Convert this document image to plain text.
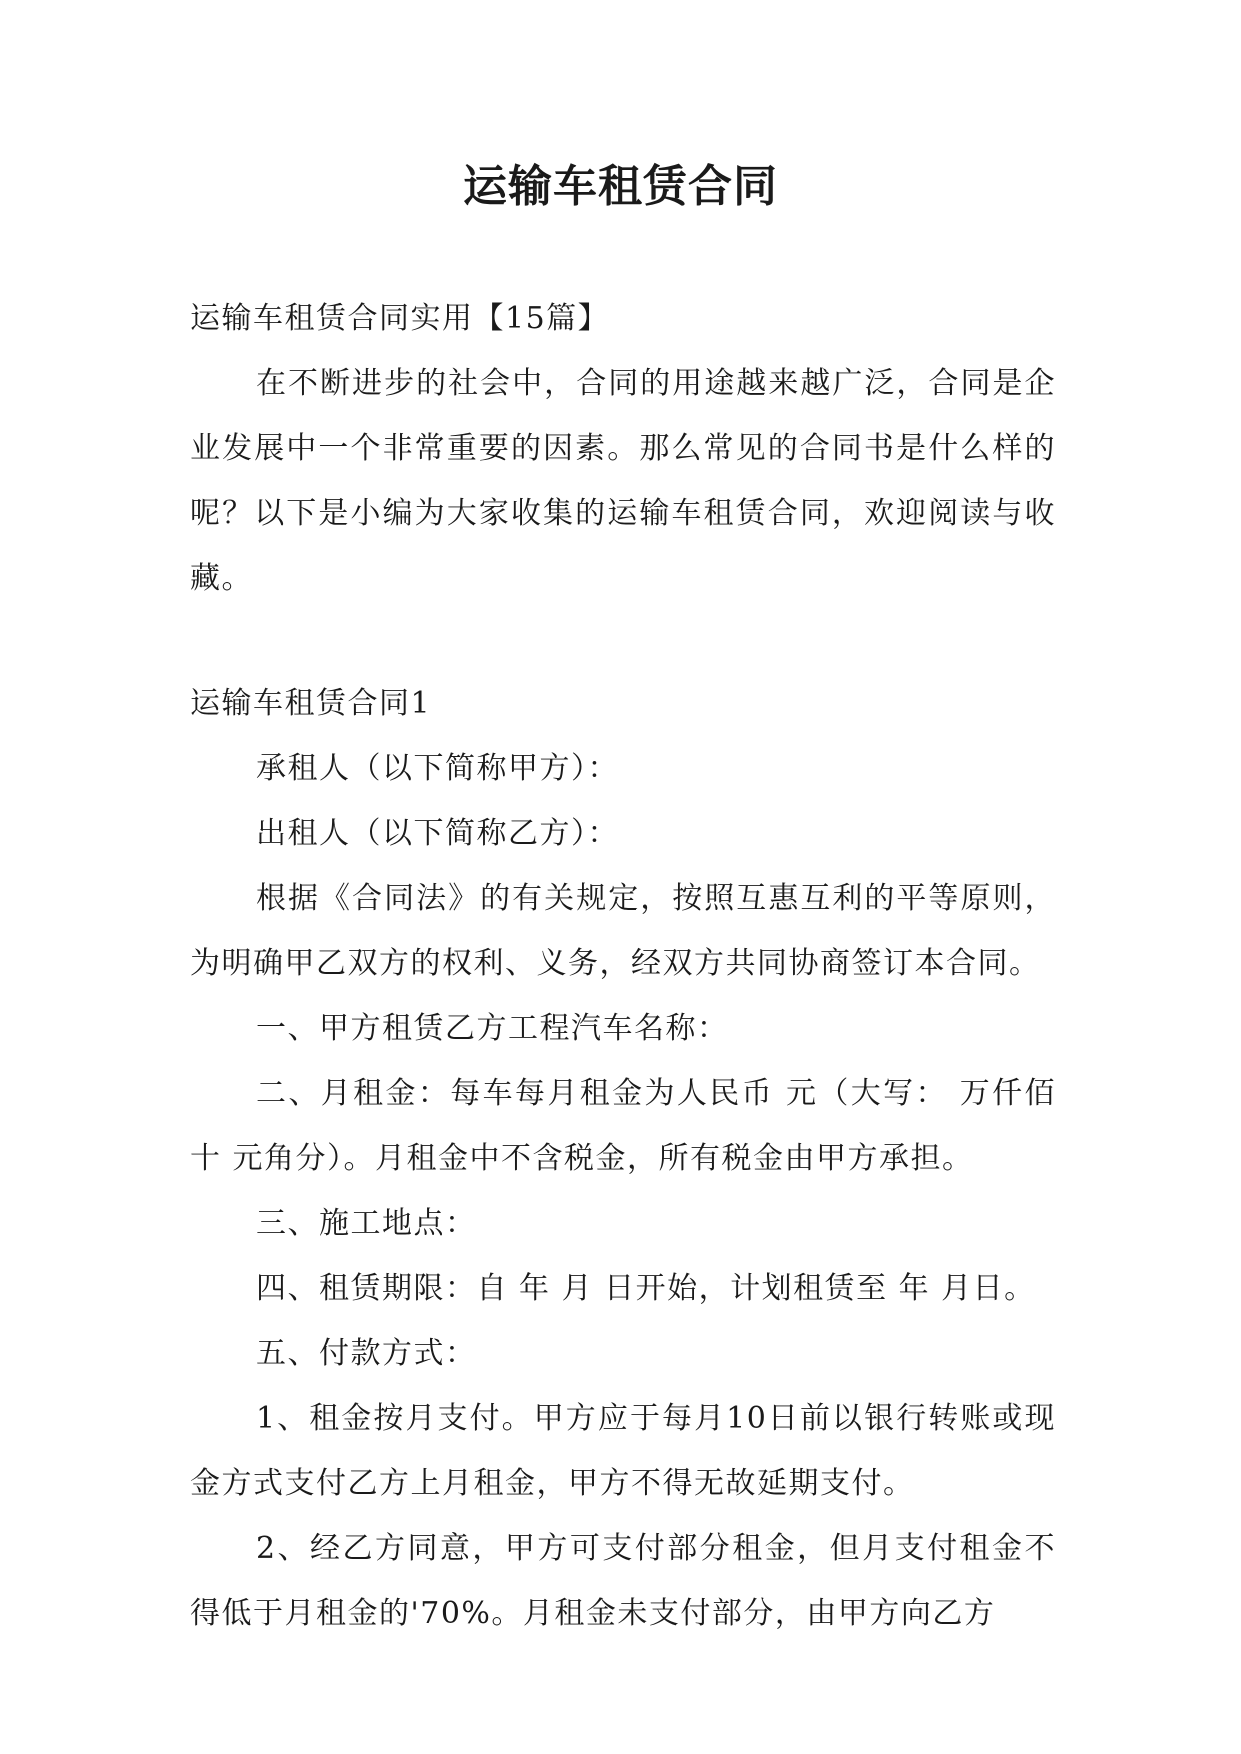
运输车租赁合同

运输车租赁合同实用【15篇】

在不断进步的社会中，合同的用途越来越广泛，合同是企业发展中一个非常重要的因素。那么常见的合同书是什么样的呢？以下是小编为大家收集的运输车租赁合同，欢迎阅读与收藏。

运输车租赁合同1

承租人（以下简称甲方）：

出租人（以下简称乙方）：

根据《合同法》的有关规定，按照互惠互利的平等原则，为明确甲乙双方的权利、义务，经双方共同协商签订本合同。

一、甲方租赁乙方工程汽车名称：

二、月租金：每车每月租金为人民币 元（大写： 万仟佰十 元角分）。月租金中不含税金，所有税金由甲方承担。

三、施工地点：

四、租赁期限：自 年 月 日开始，计划租赁至 年 月日。

五、付款方式：

1、租金按月支付。甲方应于每月10日前以银行转账或现金方式支付乙方上月租金，甲方不得无故延期支付。

2、经乙方同意，甲方可支付部分租金，但月支付租金不得低于月租金的'70%。月租金未支付部分，由甲方向乙方
